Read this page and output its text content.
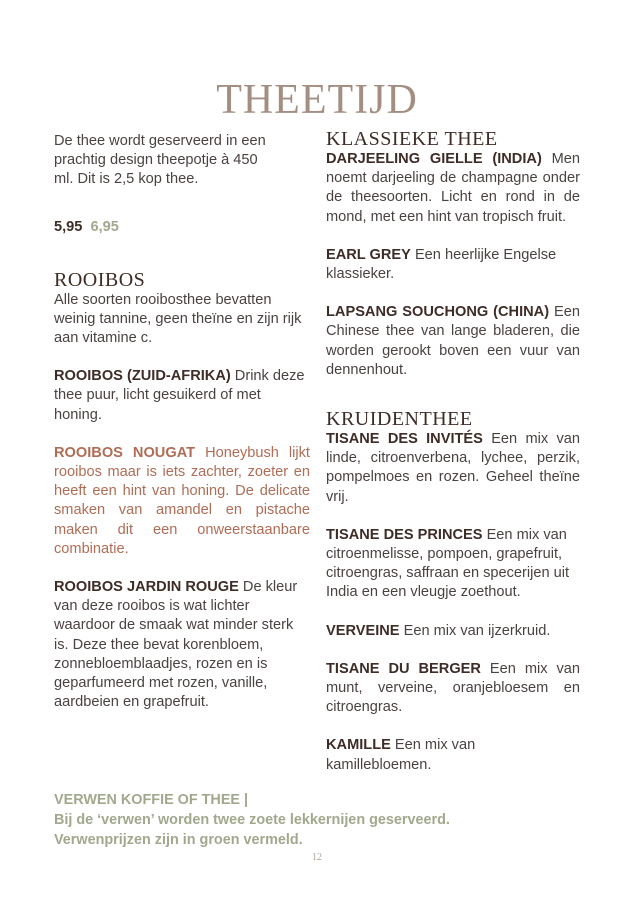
THEETIJD

De thee wordt geserveerd in een prachtig design theepotje à 450 ml. Dit is 2,5 kop thee.

5,95 6,95
ROOIBOS

Alle soorten rooibosthee bevatten weinig tannine, geen theïne en zijn rijk aan vitamine c.

ROOIBOS (ZUID-AFRIKA) Drink deze thee puur, licht gesuikerd of met honing.

ROOIBOS NOUGAT Honeybush lijkt rooibos maar is iets zachter, zoeter en heeft een hint van honing. De delicate smaken van amandel en pistache maken dit een onweerstaanbare combinatie.

ROOIBOS JARDIN ROUGE De kleur van deze rooibos is wat lichter waardoor de smaak wat minder sterk is. Deze thee bevat korenbloem, zonnebloemblaadjes, rozen en is geparfumeerd met rozen, vanille, aardbeien en grapefruit.

KLASSIEKE THEE

DARJEELING GIELLE (INDIA) Men noemt darjeeling de champagne onder de theesoorten. Licht en rond in de mond, met een hint van tropisch fruit.

EARL GREY Een heerlijke Engelse klassieker.

LAPSANG SOUCHONG (CHINA) Een Chinese thee van lange bladeren, die worden gerookt boven een vuur van dennenhout.

KRUIDENTHEE

TISANE DES INVITÉS Een mix van linde, citroenverbena, lychee, perzik, pompelmoes en rozen. Geheel theïne vrij.

TISANE DES PRINCES Een mix van citroenmelisse, pompoen, grapefruit, citroengras, saffraan en specerijen uit India en een vleugje zoethout.

VERVEINE Een mix van ijzerkruid.

TISANE DU BERGER Een mix van munt, verveine, oranjebloesem en citroengras.

KAMILLE Een mix van kamillebloemen.

VERWEN KOFFIE OF THEE |
Bij de ‘verwen’ worden twee zoete lekkernijen geserveerd.
Verwenprijzen zijn in groen vermeld.
12
